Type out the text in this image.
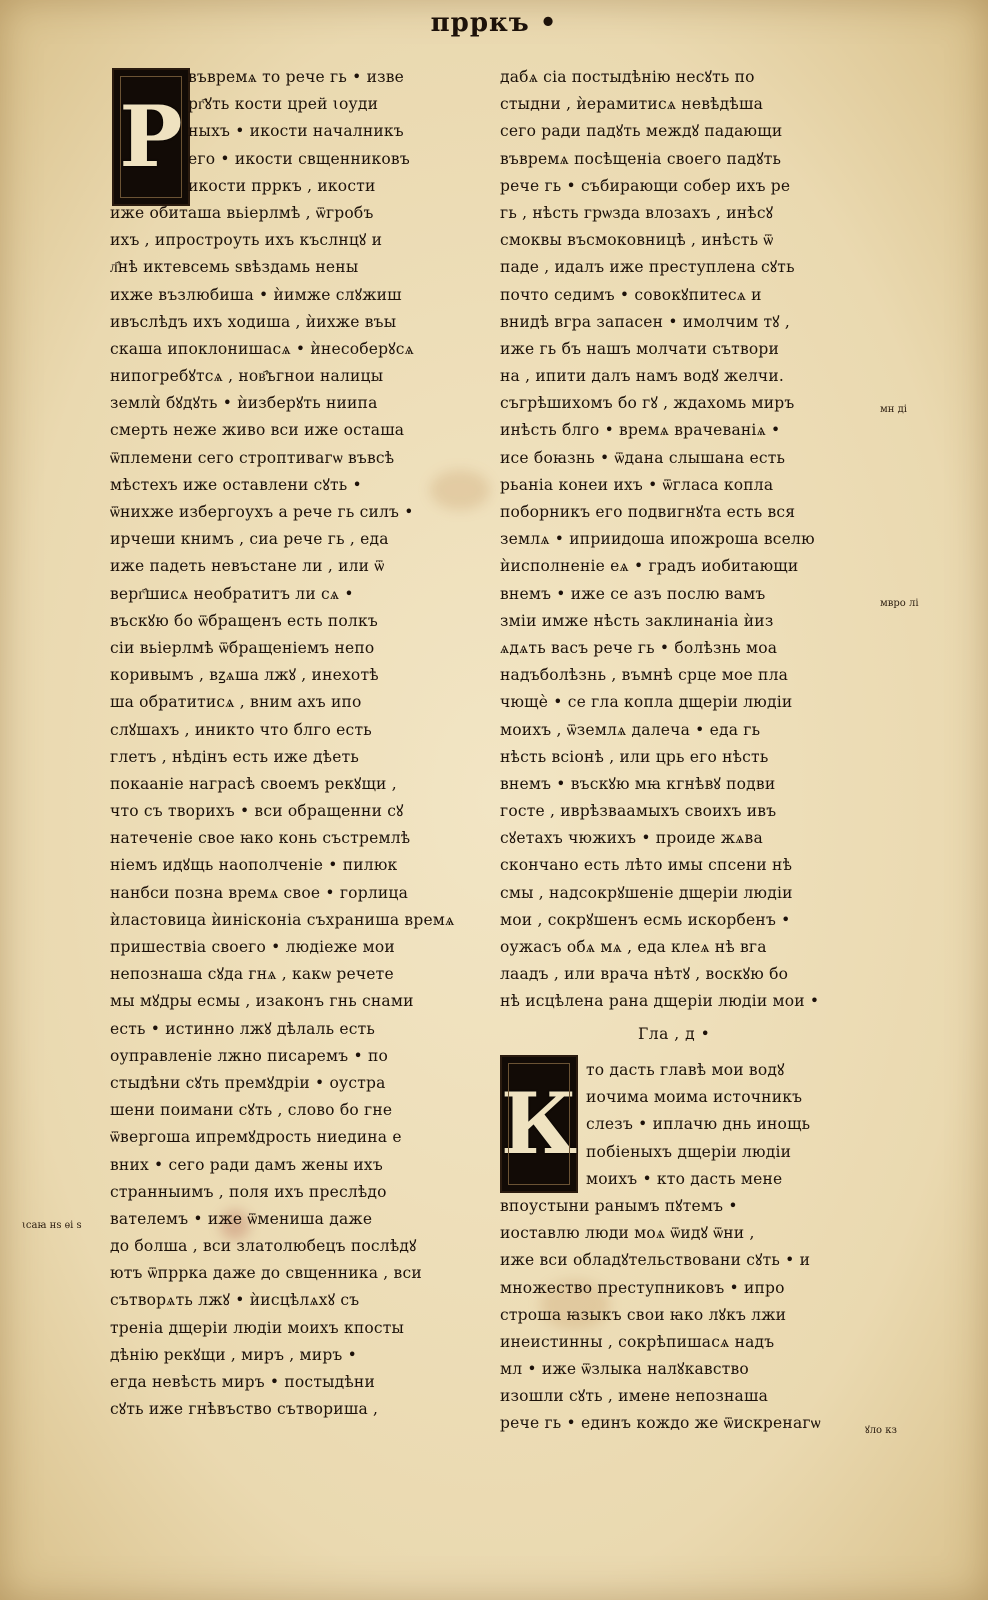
прркъ •
Р
въвремѧ то рече гь • изве
рг҄ꙋть кости црей ꙇоуди
ныхъ • икости началникъ
его • икости свщенниковъ
икости прркъ , икости
иже обиташа вьiерлмѣ , ѿгробъ
ихъ , ипростроуть ихъ къслнцꙋ и
л҄нѣ иктевсемь sвѣздамь нены
ихже възлюбиша • ѝимже слꙋжиш
ивъслѣдъ ихъ ходиша , ѝихже въы
скаша ипоклонишасѧ • ѝнесоберꙋсѧ
нипогребꙋтсѧ , нов҄ъгнои налицы
землѝ бꙋдꙋть • ѝизберꙋть ниипа
смерть неже живо вси иже осташа
ѿплемени сего строптивагѡ въвсѣ
мѣстехъ иже оставлени сꙋть •
ѿнихже избергоухъ а рече гь силъ •
ирчеши книмъ , сиа рече гь , еда
иже падеть невъстане ли , или ѿ
верг҄шисѧ необратитъ ли сѧ •
въскꙋю бо ѿбращенъ есть полкъ
сiи вьiерлмѣ ѿбращенiемъ непо
коривымъ , вꙁѧша лжꙋ , инехотѣ
ша обратитисѧ , вним ахъ ипо
слꙋшахъ , иникто что блго есть
глетъ , нѣдiнъ есть иже дѣеть
покаанiе награсѣ своемъ рекꙋщи ,
что съ творихъ • вси обращенни сꙋ
натеченiе свое ꙗко конь състремлѣ
нiемъ идꙋщь наополченiе • пилюк
нанбси позна времѧ свое • горлица
ѝластовица ѝинiсконiа съхраниша времѧ
пришествiа своего • людiеже мои
непознаша сꙋда гнѧ , какѡ речете
мы мꙋдры есмы , изаконъ гнь снами
есть • истинно лжꙋ дѣлаль есть
оуправленiе лжно писаремъ • по
стыдѣни сꙋть премꙋдрiи • оустра
шени поимани сꙋть , слово бо гне
ѿвергоша ипремꙋдрость ниедина е
вних • сего ради дамъ жены ихъ
странныимъ , поля ихъ преслѣдо
вателемъ • иже ѿмениша даже
до болша , вси златолюбецъ послѣдꙋ
ютъ ѿпррка даже до свщенника , вси
сътворѧть лжꙋ • ѝисцѣлѧхꙋ съ
тренiа дщерiи людiи моихъ кпосты
дѣнiю рекꙋщи , миръ , миръ •
егда невѣсть миръ • постыдѣни
сꙋть иже гнѣвъство сътвориша ,
дабѧ сiа постыдѣнiю несꙋть по
стыдни , ѝерамитисѧ невѣдѣша
сего ради падꙋть междꙋ падающи
въвремѧ посѣщенiа своего падꙋть
рече гь • събирающи собер ихъ ре
гь , нѣсть грѡзда влозахъ , инѣсꙋ
смоквы въсмоковницѣ , инѣсть ѿ
паде , идалъ иже преступлена сꙋть
почто седимъ • совокꙋпитесѧ и
внидѣ вгра запасен • имолчим тꙋ ,
иже гь бъ нашъ молчати сътвори
на , ипити далъ намъ водꙋ желчи.
съгрѣшихомъ бо гꙋ , ждахомь миръ
инѣсть блго • времѧ врачеванiѧ •
исе боꙗзнь • ѿдана слышана есть
рьанiа конеи ихъ • ѿгласа копла
поборникъ его подвигнꙋта есть вся
землѧ • иприидоша ипожроша вселю
ѝисполненiе еѧ • градъ иобитающи
внемъ • иже се азъ послю вамъ
змiи имже нѣсть заклинанiа ѝиз
ѧдѧть васъ рече гь • болѣзнь моа
надъболѣзнь , въмнѣ срце мое пла
чющѐ • се гла копла дщерiи людiи
моихъ , ѿземлѧ далеча • еда гь
нѣсть всiонѣ , или црь его нѣсть
внемъ • въскꙋю мꙗ кгнѣвꙋ подви
госте , иврѣзваамыхъ своихъ ивъ
сꙋетахъ чюжихъ • проиде жѧва
скончано есть лѣто имы спсени нѣ
смы , надсокрꙋшенiе дщерiи людiи
мои , сокрꙋшенъ есмь искорбенъ •
оужасъ обѧ мѧ , еда клеѧ нѣ вга
лаадъ , или врача нѣтꙋ , воскꙋю бо
нѣ исцѣлена рана дщерiи людiи мои •
Гла , д •
К
то дасть главѣ мои водꙋ
иочима моима источникъ
слезъ • иплачю днь инощь
побiеныхъ дщерiи людiи
моихъ • кто дасть мене
впоустыни ранымъ пꙋтемъ •
иоставлю люди моѧ ѿидꙋ ѿни ,
иже вси обладꙋтельствовани сꙋть • и
множество преступниковъ • ипро
строша ꙗзыкъ свои ꙗко лꙋкъ лжи
инеистинны , сокрѣпишасѧ надъ
мл • иже ѿзлыка налꙋкавство
изошли сꙋть , имене непознаша
рече гь • единъ кождо же ѿискренагѡ
мн дi
мвро лi
ꙇсаꙗ нѕ ѳi ѕ
ꙋло кз
